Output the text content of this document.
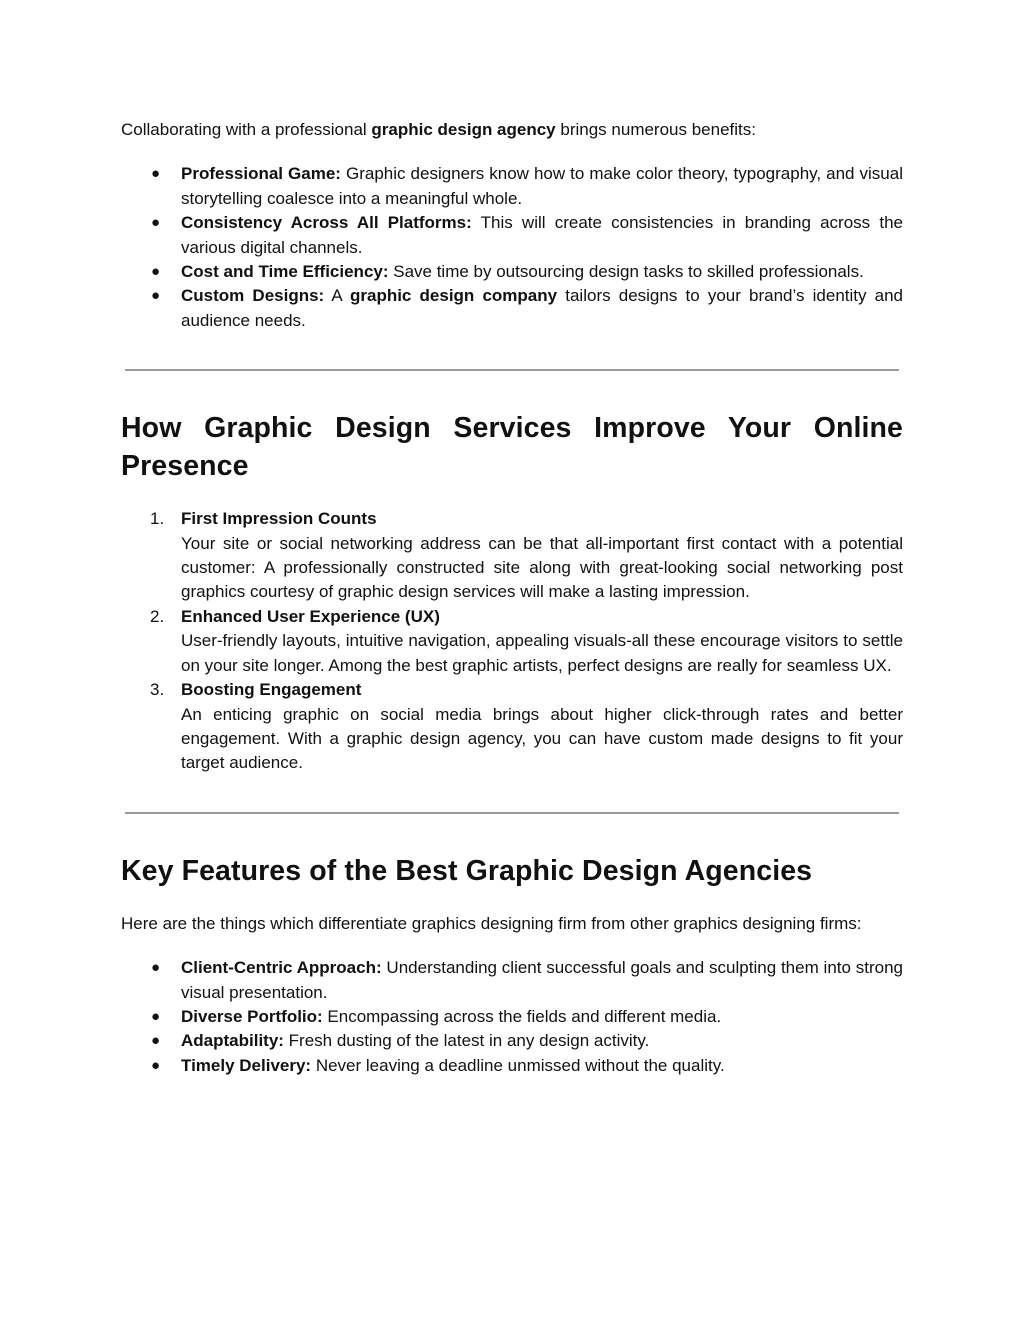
Collaborating with a professional graphic design agency brings numerous benefits:

● Professional Game: Graphic designers know how to make color theory, typography, and visual storytelling coalesce into a meaningful whole.
● Consistency Across All Platforms: This will create consistencies in branding across the various digital channels.
● Cost and Time Efficiency: Save time by outsourcing design tasks to skilled professionals.
● Custom Designs: A graphic design company tailors designs to your brand’s identity and audience needs.
How Graphic Design Services Improve Your Online Presence
1. First Impression Counts
Your site or social networking address can be that all-important first contact with a potential customer: A professionally constructed site along with great-looking social networking post graphics courtesy of graphic design services will make a lasting impression.
2. Enhanced User Experience (UX)
User-friendly layouts, intuitive navigation, appealing visuals-all these encourage visitors to settle on your site longer. Among the best graphic artists, perfect designs are really for seamless UX.
3. Boosting Engagement
An enticing graphic on social media brings about higher click-through rates and better engagement. With a graphic design agency, you can have custom made designs to fit your target audience.
Key Features of the Best Graphic Design Agencies

Here are the things which differentiate graphics designing firm from other graphics designing firms:

● Client-Centric Approach: Understanding client successful goals and sculpting them into strong visual presentation.
● Diverse Portfolio: Encompassing across the fields and different media.
● Adaptability: Fresh dusting of the latest in any design activity.
● Timely Delivery: Never leaving a deadline unmissed without the quality.
